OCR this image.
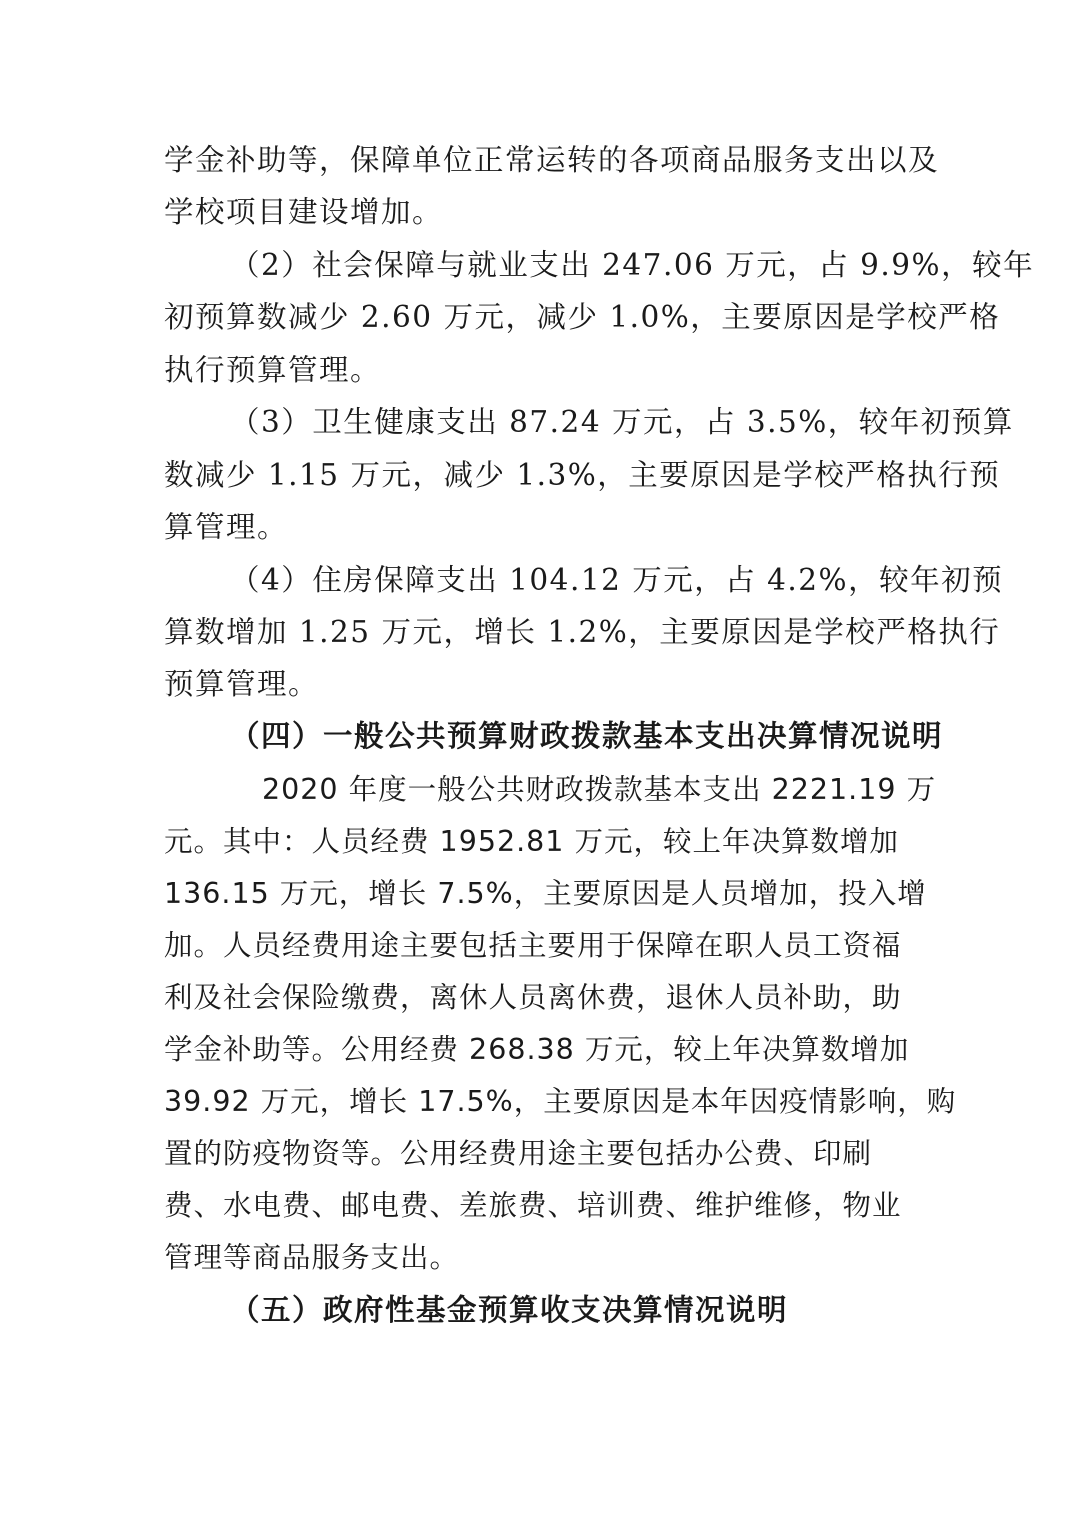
学金补助等，保障单位正常运转的各项商品服务支出以及
学校项目建设增加。
（2）社会保障与就业支出 247.06 万元，占 9.9%，较年
初预算数减少 2.60 万元，减少 1.0%，主要原因是学校严格
执行预算管理。
（3）卫生健康支出 87.24 万元，占 3.5%，较年初预算
数减少 1.15 万元，减少 1.3%，主要原因是学校严格执行预
算管理。
（4）住房保障支出 104.12 万元，占 4.2%，较年初预
算数增加 1.25 万元，增长 1.2%，主要原因是学校严格执行
预算管理。
（四）一般公共预算财政拨款基本支出决算情况说明
2020 年度一般公共财政拨款基本支出 2221.19 万
元。其中：人员经费 1952.81 万元，较上年决算数增加
136.15 万元，增长 7.5%，主要原因是人员增加，投入增
加。人员经费用途主要包括主要用于保障在职人员工资福
利及社会保险缴费，离休人员离休费，退休人员补助，助
学金补助等。公用经费 268.38 万元，较上年决算数增加
39.92 万元，增长 17.5%，主要原因是本年因疫情影响，购
置的防疫物资等。公用经费用途主要包括办公费、印刷
费、水电费、邮电费、差旅费、培训费、维护维修，物业
管理等商品服务支出。
（五）政府性基金预算收支决算情况说明
